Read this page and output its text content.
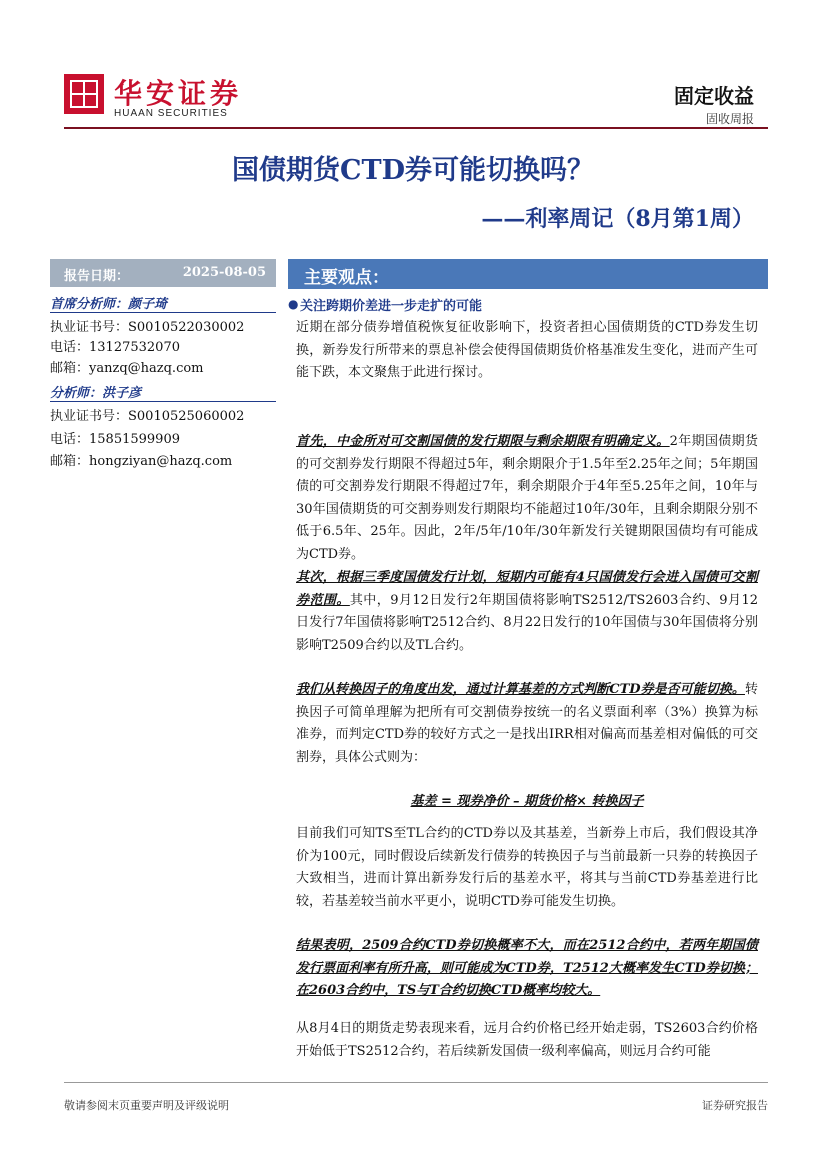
华安证券
HUAAN SECURITIES
固定收益
固收周报
国债期货CTD券可能切换吗？
——利率周记（8月第1周）
报告日期：	2025-08-05
首席分析师：颜子琦
执业证书号：S0010522030002
电话：13127532070
邮箱：yanzq@hazq.com
分析师：洪子彦
执业证书号：S0010525060002
电话：15851599909
邮箱：hongziyan@hazq.com
主要观点：
● 关注跨期价差进一步走扩的可能
近期在部分债券增值税恢复征收影响下，投资者担心国债期货的CTD券发生切换，新券发行所带来的票息补偿会使得国债期货价格基准发生变化，进而产生可能下跌，本文聚焦于此进行探讨。
首先，中金所对可交割国债的发行期限与剩余期限有明确定义。2年期国债期货的可交割券发行期限不得超过5年，剩余期限介于1.5年至2.25年之间；5年期国债的可交割券发行期限不得超过7年，剩余期限介于4年至5.25年之间，10年与30年国债期货的可交割券则发行期限均不能超过10年/30年，且剩余期限分别不低于6.5年、25年。因此，2年/5年/10年/30年新发行关键期限国债均有可能成为CTD券。
其次，根据三季度国债发行计划，短期内可能有4只国债发行会进入国债可交割券范围。其中，9月12日发行2年期国债将影响TS2512/TS2603合约、9月12日发行7年国债将影响T2512合约、8月22日发行的10年国债与30年国债将分别影响T2509合约以及TL合约。
我们从转换因子的角度出发，通过计算基差的方式判断CTD券是否可能切换。转换因子可简单理解为把所有可交割债券按统一的名义票面利率（3%）换算为标准券，而判定CTD券的较好方式之一是找出IRR相对偏高而基差相对偏低的可交割券，具体公式则为：
基差 = 现券净价 – 期货价格× 转换因子
目前我们可知TS至TL合约的CTD券以及其基差，当新券上市后，我们假设其净价为100元，同时假设后续新发行债券的转换因子与当前最新一只券的转换因子大致相当，进而计算出新券发行后的基差水平，将其与当前CTD券基差进行比较，若基差较当前水平更小，说明CTD券可能发生切换。
结果表明，2509合约CTD券切换概率不大，而在2512合约中，若两年期国债发行票面利率有所升高，则可能成为CTD券，T2512大概率发生CTD券切换；在2603合约中，TS与T合约切换CTD概率均较大。
从8月4日的期货走势表现来看，远月合约价格已经开始走弱，TS2603合约价格开始低于TS2512合约，若后续新发国债一级利率偏高，则远月合约可能
敬请参阅末页重要声明及评级说明	证券研究报告
